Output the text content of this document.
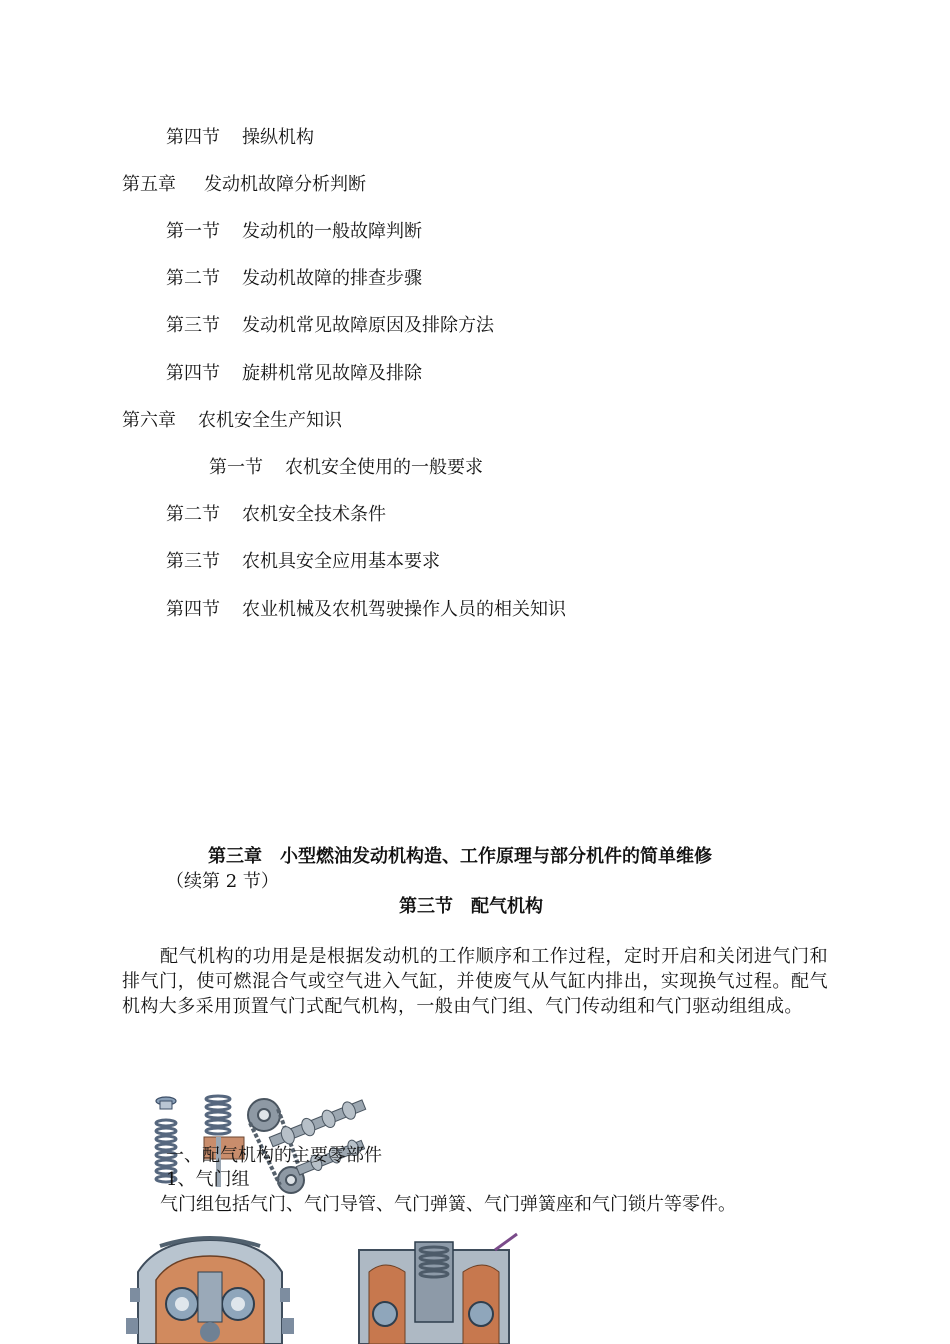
第四节 操纵机构
第五章 发动机故障分析判断
第一节 发动机的一般故障判断
第二节 发动机故障的排查步骤
第三节 发动机常见故障原因及排除方法
第四节 旋耕机常见故障及排除
第六章 农机安全生产知识
第一节 农机安全使用的一般要求
第二节 农机安全技术条件
第三节 农机具安全应用基本要求
第四节 农业机械及农机驾驶操作人员的相关知识
第三章　小型燃油发动机构造、工作原理与部分机件的简单维修
（续第 2 节）
第三节　配气机构
配气机构的功用是是根据发动机的工作顺序和工作过程，定时开启和关闭进气门和排气门，使可燃混合气或空气进入气缸，并使废气从气缸内排出，实现换气过程。配气机构大多采用顶置气门式配气机构，一般由气门组、气门传动组和气门驱动组组成。
一、配气机构的主要零部件
1、气门组
气门组包括气门、气门导管、气门弹簧、气门弹簧座和气门锁片等零件。
